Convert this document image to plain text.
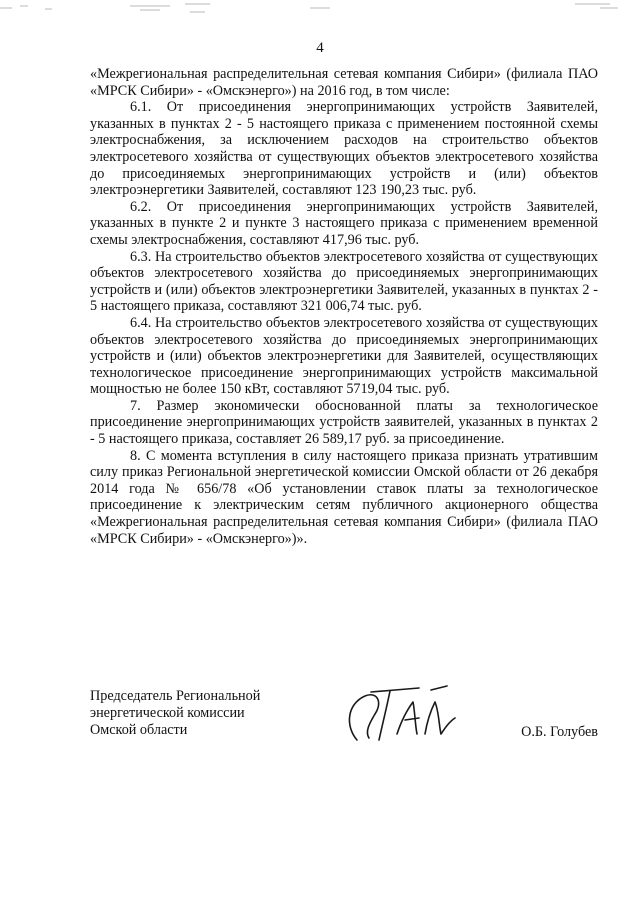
4

«Межрегиональная распределительная сетевая компания Сибири» (филиала ПАО «МРСК Сибири» - «Омскэнерго») на 2016 год, в том числе:

6.1. От присоединения энергопринимающих устройств Заявителей, указанных в пунктах 2 - 5 настоящего приказа с применением постоянной схемы электроснабжения, за исключением расходов на строительство объектов электросетевого хозяйства от существующих объектов электросетевого хозяйства до присоединяемых энергопринимающих устройств и (или) объектов электроэнергетики Заявителей, составляют 123 190,23 тыс. руб.

6.2. От присоединения энергопринимающих устройств Заявителей, указанных в пункте 2 и пункте 3 настоящего приказа с применением временной схемы электроснабжения, составляют 417,96 тыс. руб.

6.3. На строительство объектов электросетевого хозяйства от существующих объектов электросетевого хозяйства до присоединяемых энергопринимающих устройств и (или) объектов электроэнергетики Заявителей, указанных в пунктах 2 - 5 настоящего приказа, составляют 321 006,74 тыс. руб.

6.4. На строительство объектов электросетевого хозяйства от существующих объектов электросетевого хозяйства до присоединяемых энергопринимающих устройств и (или) объектов электроэнергетики для Заявителей, осуществляющих технологическое присоединение энергопринимающих устройств максимальной мощностью не более 150 кВт, составляют 5719,04 тыс. руб.

7. Размер экономически обоснованной платы за технологическое присоединение энергопринимающих устройств заявителей, указанных в пунктах 2 - 5 настоящего приказа, составляет 26 589,17 руб. за присоединение.

8. С момента вступления в силу настоящего приказа признать утратившим силу приказ Региональной энергетической комиссии Омской области от 26 декабря 2014 года № 656/78 «Об установлении ставок платы за технологическое присоединение к электрическим сетям публичного акционерного общества «Межрегиональная распределительная сетевая компания Сибири» (филиала ПАО «МРСК Сибири» - «Омскэнерго»)».

Председатель Региональной
энергетической комиссии
Омской области	О.Б. Голубев
